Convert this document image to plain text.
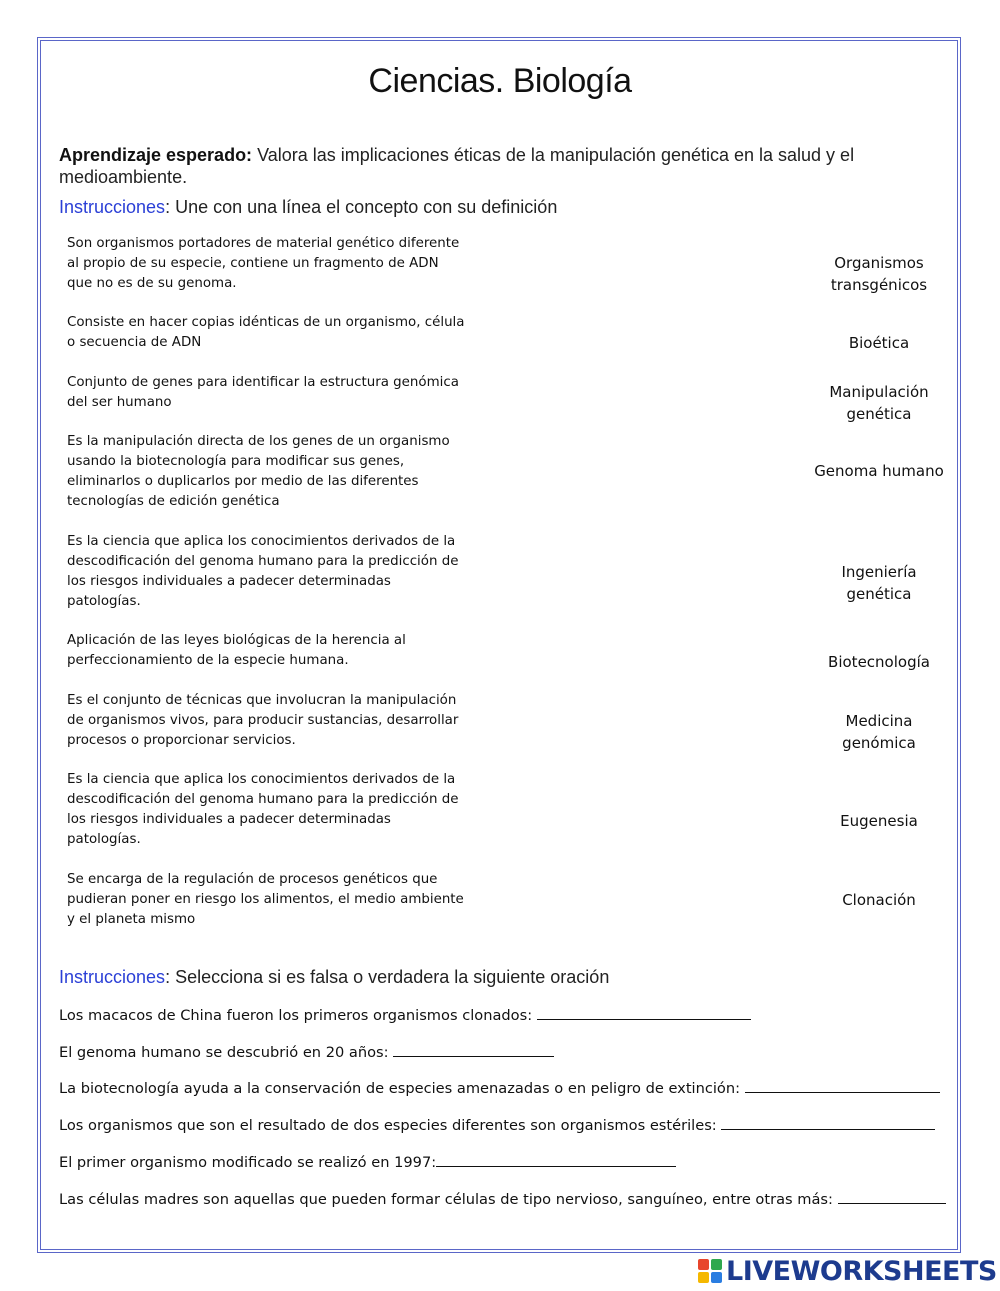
Ciencias. Biología
Aprendizaje esperado: Valora las implicaciones éticas de la manipulación genética en la salud y el medioambiente.
Instrucciones: Une con una línea el concepto con su definición
Son organismos portadores de material genético diferente al propio de su especie, contiene un fragmento de ADN que no es de su genoma.
Consiste en hacer copias idénticas de un organismo, célula o secuencia de ADN
Conjunto de genes para identificar la estructura genómica del ser humano
Es la manipulación directa de los genes de un organismo usando la biotecnología para modificar sus genes, eliminarlos o duplicarlos por medio de las diferentes tecnologías de edición genética
Es la ciencia que aplica los conocimientos derivados de la descodificación del genoma humano para la predicción de los riesgos individuales a padecer determinadas patologías.
Aplicación de las leyes biológicas de la herencia al perfeccionamiento de la especie humana.
Es el conjunto de técnicas que involucran la manipulación de organismos vivos, para producir sustancias, desarrollar procesos o proporcionar servicios.
Es la ciencia que aplica los conocimientos derivados de la descodificación del genoma humano para la predicción de los riesgos individuales a padecer determinadas patologías.
Se encarga de la regulación de procesos genéticos que pudieran poner en riesgo los alimentos, el medio ambiente y el planeta mismo
Organismos transgénicos
Bioética
Manipulación genética
Genoma humano
Ingeniería genética
Biotecnología
Medicina genómica
Eugenesia
Clonación
Instrucciones: Selecciona si es falsa o verdadera la siguiente oración
Los macacos de China fueron los primeros organismos clonados:
El genoma humano se descubrió en 20 años:
La biotecnología ayuda a la conservación de especies amenazadas o en peligro de extinción:
Los organismos que son el resultado de dos especies diferentes son organismos estériles:
El primer organismo modificado se realizó en 1997:
Las células madres son aquellas que pueden formar células de tipo nervioso, sanguíneo, entre otras más:
LIVEWORKSHEETS
